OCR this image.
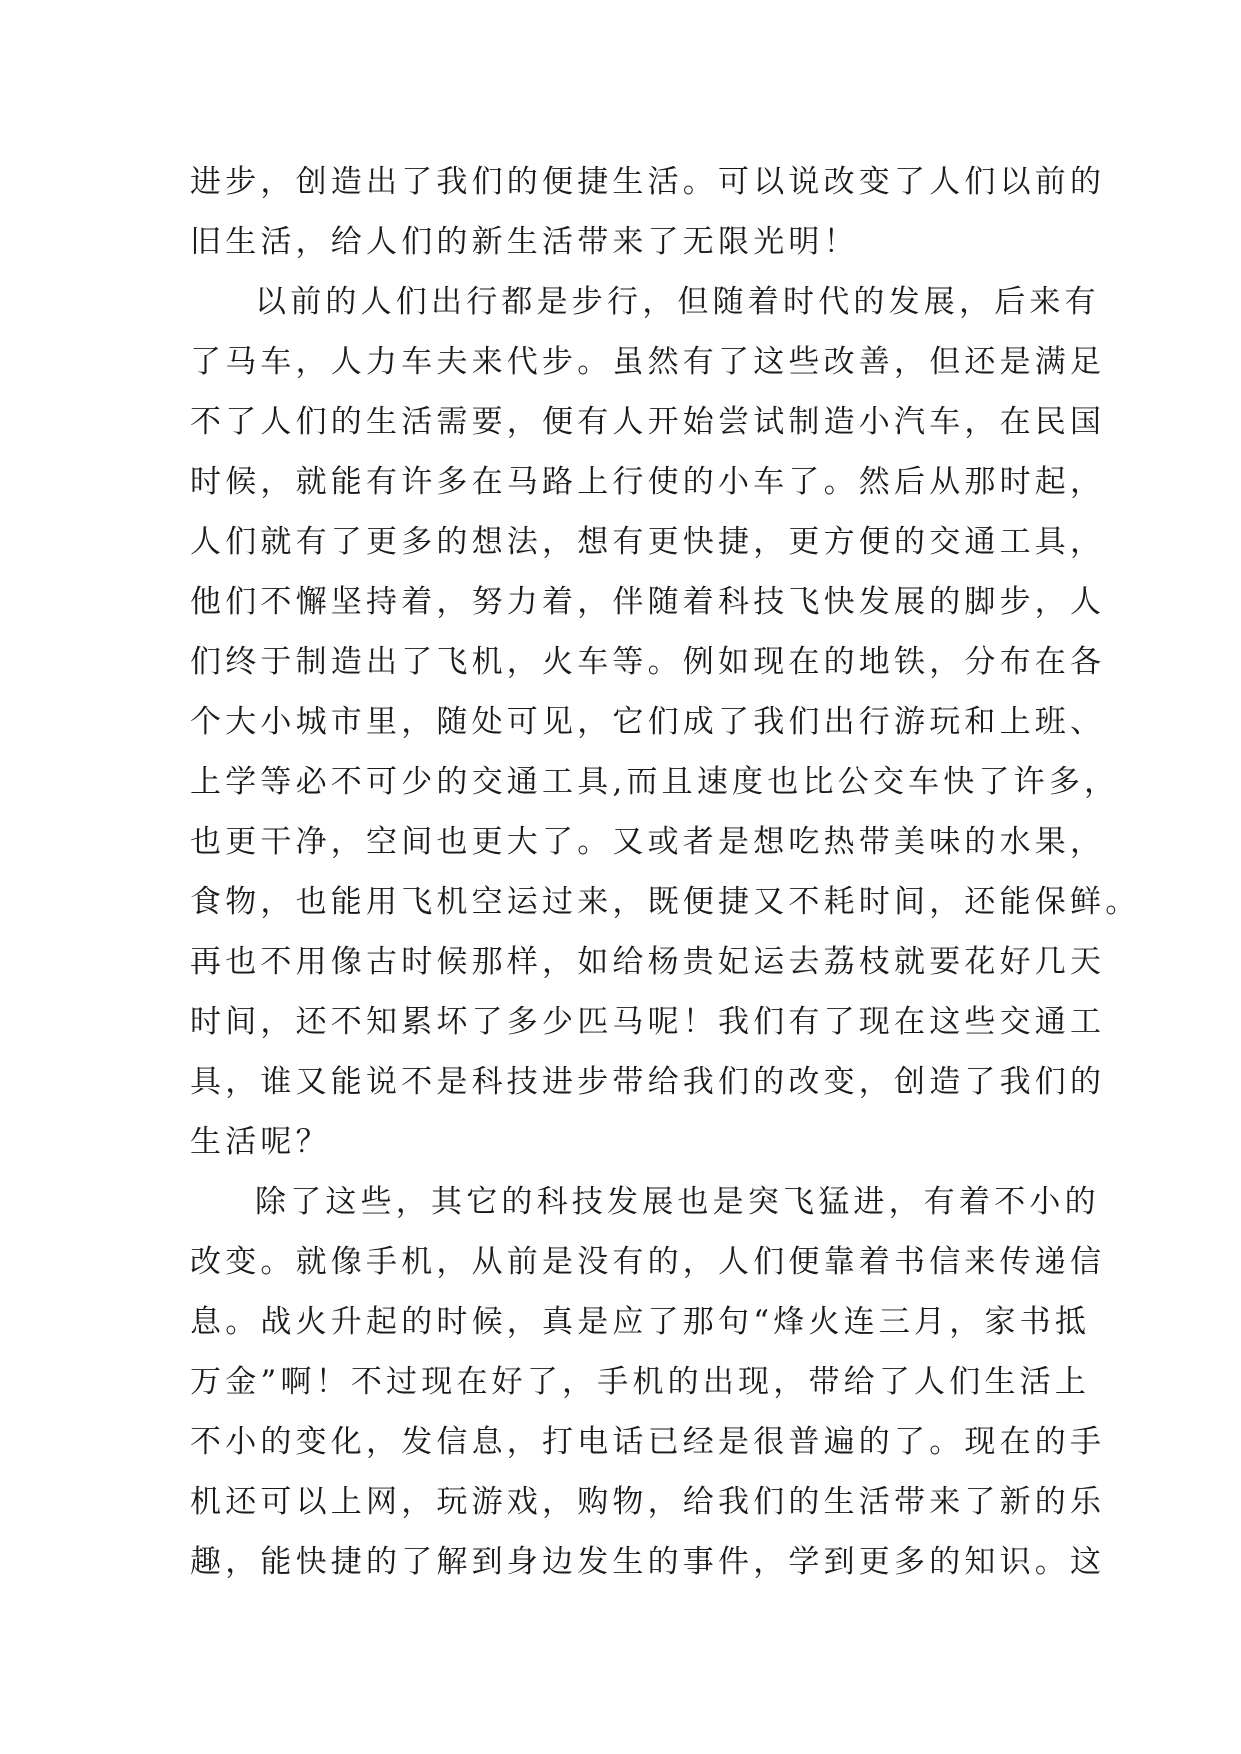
进步，创造出了我们的便捷生活。可以说改变了人们以前的
旧生活，给人们的新生活带来了无限光明！
以前的人们出行都是步行，但随着时代的发展，后来有
了马车，人力车夫来代步。虽然有了这些改善，但还是满足
不了人们的生活需要，便有人开始尝试制造小汽车，在民国
时候，就能有许多在马路上行使的小车了。然后从那时起，
人们就有了更多的想法，想有更快捷，更方便的交通工具，
他们不懈坚持着，努力着，伴随着科技飞快发展的脚步，人
们终于制造出了飞机，火车等。例如现在的地铁，分布在各
个大小城市里，随处可见，它们成了我们出行游玩和上班、
上学等必不可少的交通工具,而且速度也比公交车快了许多，
也更干净，空间也更大了。又或者是想吃热带美味的水果，
食物，也能用飞机空运过来，既便捷又不耗时间，还能保鲜。
再也不用像古时候那样，如给杨贵妃运去荔枝就要花好几天
时间，还不知累坏了多少匹马呢！我们有了现在这些交通工
具，谁又能说不是科技进步带给我们的改变，创造了我们的
生活呢？
除了这些，其它的科技发展也是突飞猛进，有着不小的
改变。就像手机，从前是没有的，人们便靠着书信来传递信
息。战火升起的时候，真是应了那句“烽火连三月，家书抵
万金”啊！不过现在好了，手机的出现，带给了人们生活上
不小的变化，发信息，打电话已经是很普遍的了。现在的手
机还可以上网，玩游戏，购物，给我们的生活带来了新的乐
趣，能快捷的了解到身边发生的事件，学到更多的知识。这
